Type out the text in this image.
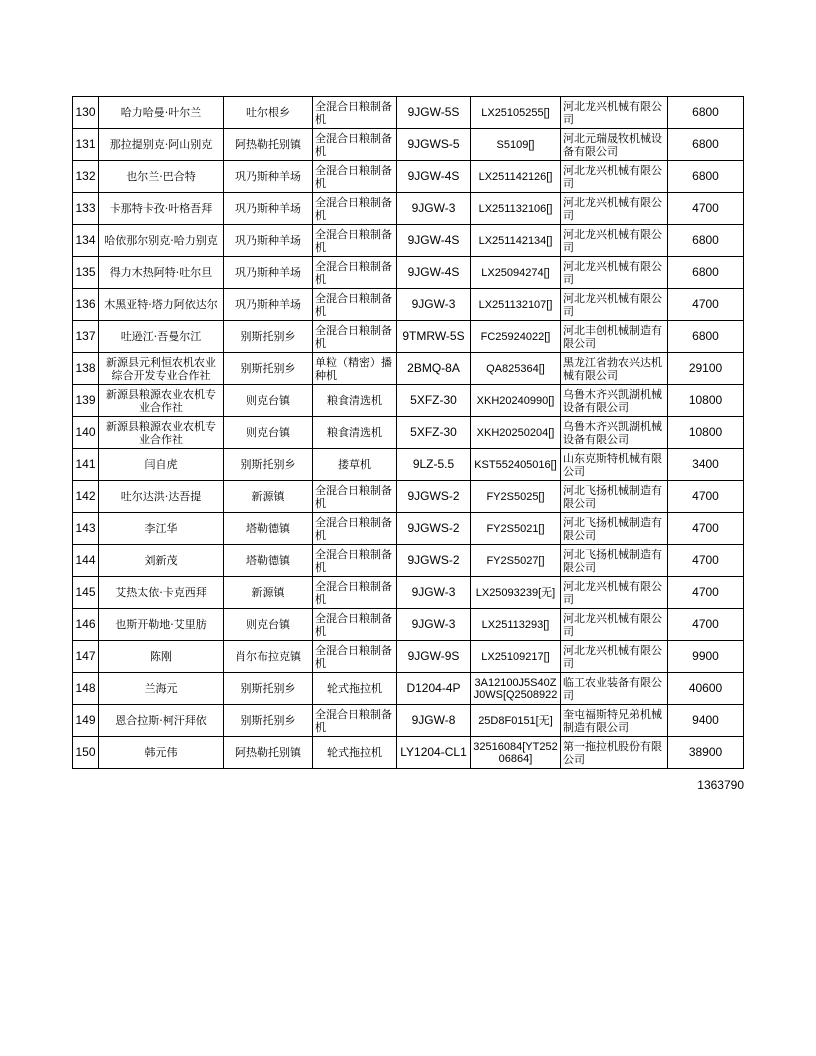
130	哈力哈曼·叶尔兰	吐尔根乡	全混合日粮制备机	9JGW-5S	LX25105255[]	河北龙兴机械有限公司	6800
131	那拉提别克·阿山别克	阿热勒托别镇	全混合日粮制备机	9JGWS-5	S5109[]	河北元瑞晟牧机械设备有限公司	6800
132	也尔兰·巴合特	巩乃斯种羊场	全混合日粮制备机	9JGW-4S	LX251142126[]	河北龙兴机械有限公司	6800
133	卡那特卡孜·叶格吾拜	巩乃斯种羊场	全混合日粮制备机	9JGW-3	LX251132106[]	河北龙兴机械有限公司	4700
134	哈依那尔别克·哈力别克	巩乃斯种羊场	全混合日粮制备机	9JGW-4S	LX251142134[]	河北龙兴机械有限公司	6800
135	得力木热阿特·吐尔旦	巩乃斯种羊场	全混合日粮制备机	9JGW-4S	LX25094274[]	河北龙兴机械有限公司	6800
136	木黑亚特·塔力阿依达尔	巩乃斯种羊场	全混合日粮制备机	9JGW-3	LX251132107[]	河北龙兴机械有限公司	4700
137	吐逊江·吾曼尔江	别斯托别乡	全混合日粮制备机	9TMRW-5S	FC25924022[]	河北丰创机械制造有限公司	6800
138	新源县元利恒农机农业综合开发专业合作社	别斯托别乡	单粒（精密）播种机	2BMQ-8A	QA825364[]	黑龙江省勃农兴达机械有限公司	29100
139	新源县粮源农业农机专业合作社	则克台镇	粮食清选机	5XFZ-30	XKH20240990[]	乌鲁木齐兴凯湖机械设备有限公司	10800
140	新源县粮源农业农机专业合作社	则克台镇	粮食清选机	5XFZ-30	XKH20250204[]	乌鲁木齐兴凯湖机械设备有限公司	10800
141	闫自虎	别斯托别乡	搂草机	9LZ-5.5	KST552405016[]	山东克斯特机械有限公司	3400
142	吐尔达洪·达吾提	新源镇	全混合日粮制备机	9JGWS-2	FY2S5025[]	河北飞扬机械制造有限公司	4700
143	李江华	塔勒德镇	全混合日粮制备机	9JGWS-2	FY2S5021[]	河北飞扬机械制造有限公司	4700
144	刘新茂	塔勒德镇	全混合日粮制备机	9JGWS-2	FY2S5027[]	河北飞扬机械制造有限公司	4700
145	艾热太依·卡克西拜	新源镇	全混合日粮制备机	9JGW-3	LX25093239[无]	河北龙兴机械有限公司	4700
146	也斯开勒地·艾里肪	则克台镇	全混合日粮制备机	9JGW-3	LX25113293[]	河北龙兴机械有限公司	4700
147	陈刚	肖尔布拉克镇	全混合日粮制备机	9JGW-9S	LX25109217[]	河北龙兴机械有限公司	9900
148	兰海元	别斯托别乡	轮式拖拉机	D1204-4P	3A12100J5S40ZJ0WS[Q2508922	临工农业装备有限公司	40600
149	恩合拉斯·柯汗拜依	别斯托别乡	全混合日粮制备机	9JGW-8	25D8F0151[无]	奎屯福斯特兄弟机械制造有限公司	9400
150	韩元伟	阿热勒托别镇	轮式拖拉机	LY1204-CL1	32516084[YT25206864]	第一拖拉机股份有限公司	38900
1363790
